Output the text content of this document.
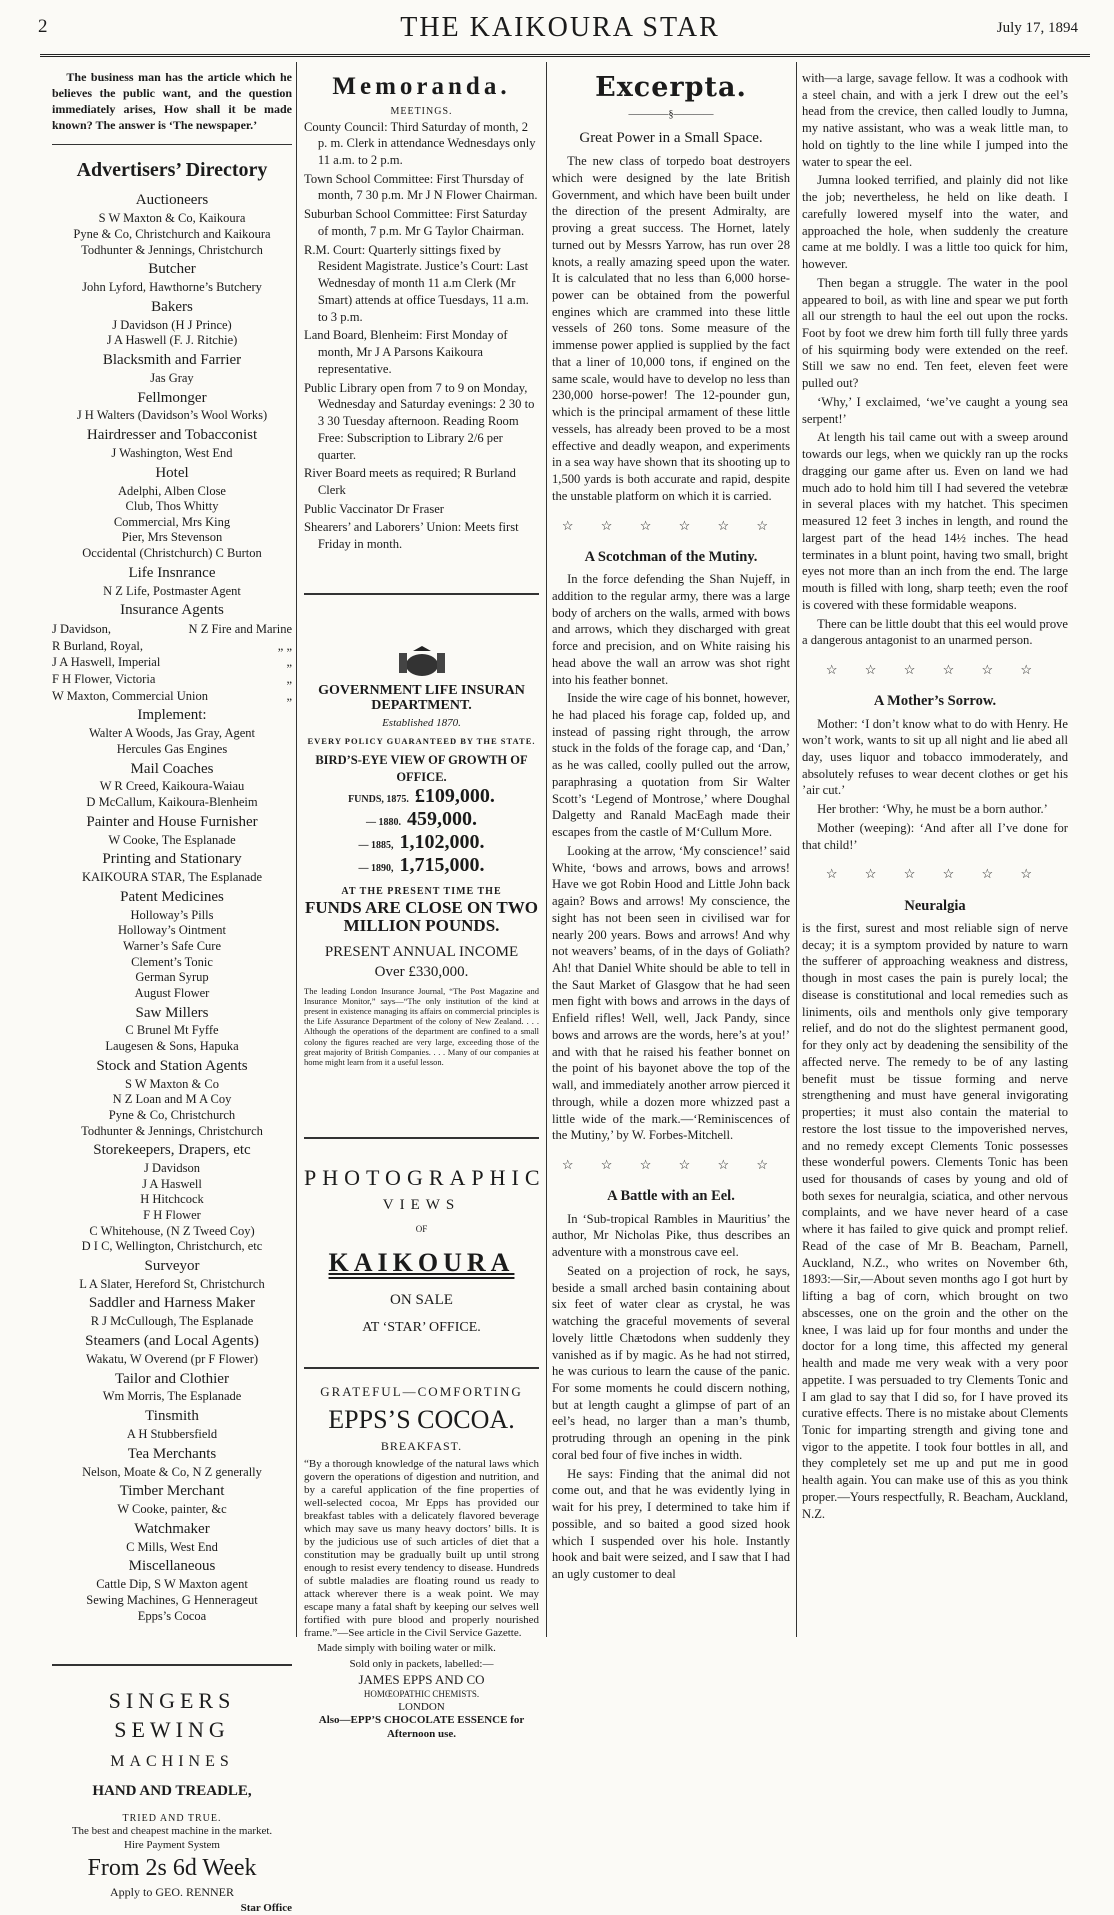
2	THE KAIKOURA STAR	July 17, 1894

The business man has the article which he believes the public want, and the question immediately arises, How shall it be made known? The answer is ‘The newspaper.’

Advertisers’ Directory
Auctioneers
S W Maxton & Co, Kaikoura
Pyne & Co, Christchurch and Kaikoura
Todhunter & Jennings, Christchurch
Butcher
John Lyford, Hawthorne’s Butchery
Bakers
J Davidson (H J Prince)
J A Haswell (F. J. Ritchie)
Blacksmith and Farrier
Jas Gray
Fellmonger
J H Walters (Davidson’s Wool Works)
Hairdresser and Tobacconist
J Washington, West End
Hotel
Adelphi, Alben Close
Club, Thos Whitty
Commercial, Mrs King
Pier, Mrs Stevenson
Occidental (Christchurch) C Burton
Life Insnrance
N Z Life, Postmaster Agent
Insurance Agents
J Davidson,	N Z Fire and Marine
R Burland, Royal,	„ „
J A Haswell, Imperial	„
F H Flower, Victoria	„
W Maxton, Commercial Union	„
Implement:
Walter A Woods, Jas Gray, Agent
Hercules Gas Engines
Mail Coaches
W R Creed, Kaikoura-Waiau
D McCallum, Kaikoura-Blenheim
Painter and House Furnisher
W Cooke, The Esplanade
Printing and Stationary
KAIKOURA STAR, The Esplanade
Patent Medicines
Holloway’s Pills
Holloway’s Ointment
Warner’s Safe Cure
Clement’s Tonic
German Syrup
August Flower
Saw Millers
C Brunel Mt Fyffe
Laugesen & Sons, Hapuka
Stock and Station Agents
S W Maxton & Co
N Z Loan and M A Coy
Pyne & Co, Christchurch
Todhunter & Jennings, Christchurch
Storekeepers, Drapers, etc
J Davidson
J A Haswell
H Hitchcock
F H Flower
C Whitehouse, (N Z Tweed Coy)
D I C, Wellington, Christchurch, etc
Surveyor
L A Slater, Hereford St, Christchurch
Saddler and Harness Maker
R J McCullough, The Esplanade
Steamers (and Local Agents)
Wakatu, W Overend (pr F Flower)
Tailor and Clothier
Wm Morris, The Esplanade
Tinsmith
A H Stubbersfield
Tea Merchants
Nelson, Moate & Co, N Z generally
Timber Merchant
W Cooke, painter, &c
Watchmaker
C Mills, West End
Miscellaneous
Cattle Dip, S W Maxton agent
Sewing Machines, G Hennerageut
Epps’s Cocoa
SINGERS SEWING
MACHINES
HAND AND TREADLE,
TRIED AND TRUE.
The best and cheapest machine in the market.
Hire Payment System
From 2s 6d Week
Apply to GEO. RENNER
Star Office
Memoranda.
MEETINGS.

County Council: Third Saturday of month, 2 p. m. Clerk in attendance Wednesdays only 11 a.m. to 2 p.m.

Town School Committee: First Thursday of month, 7 30 p.m. Mr J N Flower Chairman.

Suburban School Committee: First Saturday of month, 7 p.m. Mr G Taylor Chairman.

R.M. Court: Quarterly sittings fixed by Resident Magistrate. Justice’s Court: Last Wednesday of month 11 a.m Clerk (Mr Smart) attends at office Tuesdays, 11 a.m. to 3 p.m.

Land Board, Blenheim: First Monday of month, Mr J A Parsons Kaikoura representative.

Public Library open from 7 to 9 on Monday, Wednesday and Saturday evenings: 2 30 to 3 30 Tuesday afternoon. Reading Room Free: Subscription to Library 2/6 per quarter.

River Board meets as required; R Burland Clerk

Public Vaccinator Dr Fraser

Shearers’ and Laborers’ Union: Meets first Friday in month.

GOVERNMENT LIFE INSURAN
DEPARTMENT.
Established 1870.
EVERY POLICY GUARANTEED BY THE STATE.
BIRD’S-EYE VIEW OF GROWTH OF OFFICE.
FUNDS, 1875. £109,000.
— 1880. 459,000.
— 1885, 1,102,000.
— 1890, 1,715,000.
AT THE PRESENT TIME THE
FUNDS ARE CLOSE ON TWO MILLION POUNDS.
PRESENT ANNUAL INCOME
Over £330,000.

The leading London Insurance Journal, “The Post Magazine and Insurance Monitor,” says—“The only institution of the kind at present in existence managing its affairs on commercial principles is the Life Assurance Department of the colony of New Zealand. . . . Although the operations of the department are confined to a small colony the figures reached are very large, exceeding those of the great majority of British Companies. . . . Many of our companies at home might learn from it a useful lesson.

PHOTOGRAPHIC
VIEWS
OF
KAIKOURA
ON SALE
AT ‘STAR’ OFFICE.
GRATEFUL—COMFORTING
EPPS’S COCOA.
BREAKFAST.

“By a thorough knowledge of the natural laws which govern the operations of digestion and nutrition, and by a careful application of the fine properties of well-selected cocoa, Mr Epps has provided our breakfast tables with a delicately flavored beverage which may save us many heavy doctors’ bills. It is by the judicious use of such articles of diet that a constitution may be gradually built up until strong enough to resist every tendency to disease. Hundreds of subtle maladies are floating round us ready to attack wherever there is a weak point. We may escape many a fatal shaft by keeping our selves well fortified with pure blood and properly nourished frame.”—See article in the Civil Service Gazette.

Made simply with boiling water or milk.

Sold only in packets, labelled:—
JAMES EPPS AND CO
HOMŒOPATHIC CHEMISTS.
LONDON
Also—EPP’S CHOCOLATE ESSENCE for Afternoon use.
Excerpta.
————§————
Great Power in a Small Space.

The new class of torpedo boat destroyers which were designed by the late British Government, and which have been built under the direction of the present Admiralty, are proving a great success. The Hornet, lately turned out by Messrs Yarrow, has run over 28 knots, a really amazing speed upon the water. It is calculated that no less than 6,000 horse-power can be obtained from the powerful engines which are crammed into these little vessels of 260 tons. Some measure of the immense power applied is supplied by the fact that a liner of 10,000 tons, if engined on the same scale, would have to develop no less than 230,000 horse-power! The 12-pounder gun, which is the principal armament of these little vessels, has already been proved to be a most effective and deadly weapon, and experiments in a sea way have shown that its shooting up to 1,500 yards is both accurate and rapid, despite the unstable platform on which it is carried.

☆ ☆ ☆ ☆ ☆ ☆
A Scotchman of the Mutiny.

In the force defending the Shan Nujeff, in addition to the regular army, there was a large body of archers on the walls, armed with bows and arrows, which they discharged with great force and precision, and on White raising his head above the wall an arrow was shot right into his feather bonnet.

Inside the wire cage of his bonnet, however, he had placed his forage cap, folded up, and instead of passing right through, the arrow stuck in the folds of the forage cap, and ‘Dan,’ as he was called, coolly pulled out the arrow, paraphrasing a quotation from Sir Walter Scott’s ‘Legend of Montrose,’ where Doughal Dalgetty and Ranald MacEagh made their escapes from the castle of M‘Cullum More.

Looking at the arrow, ‘My conscience!’ said White, ‘bows and arrows, bows and arrows! Have we got Robin Hood and Little John back again? Bows and arrows! My conscience, the sight has not been seen in civilised war for nearly 200 years. Bows and arrows! And why not weavers’ beams, of in the days of Goliath? Ah! that Daniel White should be able to tell in the Saut Market of Glasgow that he had seen men fight with bows and arrows in the days of Enfield rifles! Well, well, Jack Pandy, since bows and arrows are the words, here’s at you!’ and with that he raised his feather bonnet on the point of his bayonet above the top of the wall, and immediately another arrow pierced it through, while a dozen more whizzed past a little wide of the mark.—‘Reminiscences of the Mutiny,’ by W. Forbes-Mitchell.

☆ ☆ ☆ ☆ ☆ ☆
A Battle with an Eel.

In ‘Sub-tropical Rambles in Mauritius’ the author, Mr Nicholas Pike, thus describes an adventure with a monstrous cave eel.

Seated on a projection of rock, he says, beside a small arched basin containing about six feet of water clear as crystal, he was watching the graceful movements of several lovely little Chætodons when suddenly they vanished as if by magic. As he had not stirred, he was curious to learn the cause of the panic. For some moments he could discern nothing, but at length caught a glimpse of part of an eel’s head, no larger than a man’s thumb, protruding through an opening in the pink coral bed four of five inches in width.

He says: Finding that the animal did not come out, and that he was evidently lying in wait for his prey, I determined to take him if possible, and so baited a good sized hook which I suspended over his hole. Instantly hook and bait were seized, and I saw that I had an ugly customer to deal

with—a large, savage fellow. It was a codhook with a steel chain, and with a jerk I drew out the eel’s head from the crevice, then called loudly to Jumna, my native assistant, who was a weak little man, to hold on tightly to the line while I jumped into the water to spear the eel.

Jumna looked terrified, and plainly did not like the job; nevertheless, he held on like death. I carefully lowered myself into the water, and approached the hole, when suddenly the creature came at me boldly. I was a little too quick for him, however.

Then began a struggle. The water in the pool appeared to boil, as with line and spear we put forth all our strength to haul the eel out upon the rocks. Foot by foot we drew him forth till fully three yards of his squirming body were extended on the reef. Still we saw no end. Ten feet, eleven feet were pulled out?

‘Why,’ I exclaimed, ‘we’ve caught a young sea serpent!’

At length his tail came out with a sweep around towards our legs, when we quickly ran up the rocks dragging our game after us. Even on land we had much ado to hold him till I had severed the vetebræ in several places with my hatchet. This specimen measured 12 feet 3 inches in length, and round the largest part of the head 14½ inches. The head terminates in a blunt point, having two small, bright eyes not more than an inch from the end. The large mouth is filled with long, sharp teeth; even the roof is covered with these formidable weapons.

There can be little doubt that this eel would prove a dangerous antagonist to an unarmed person.

☆ ☆ ☆ ☆ ☆ ☆
A Mother’s Sorrow.

Mother: ‘I don’t know what to do with Henry. He won’t work, wants to sit up all night and lie abed all day, uses liquor and tobacco immoderately, and absolutely refuses to wear decent clothes or get his ’air cut.’

Her brother: ‘Why, he must be a born author.’

Mother (weeping): ‘And after all I’ve done for that child!’

☆ ☆ ☆ ☆ ☆ ☆
Neuralgia

is the first, surest and most reliable sign of nerve decay; it is a symptom provided by nature to warn the sufferer of approaching weakness and distress, though in most cases the pain is purely local; the disease is constitutional and local remedies such as liniments, oils and menthols only give temporary relief, and do not do the slightest permanent good, for they only act by deadening the sensibility of the affected nerve. The remedy to be of any lasting benefit must be tissue forming and nerve strengthening and must have general invigorating properties; it must also contain the material to restore the lost tissue to the impoverished nerves, and no remedy except Clements Tonic possesses these wonderful powers. Clements Tonic has been used for thousands of cases by young and old of both sexes for neuralgia, sciatica, and other nervous complaints, and we have never heard of a case where it has failed to give quick and prompt relief. Read of the case of Mr B. Beacham, Parnell, Auckland, N.Z., who writes on November 6th, 1893:—Sir,—About seven months ago I got hurt by lifting a bag of corn, which brought on two abscesses, one on the groin and the other on the knee, I was laid up for four months and under the doctor for a long time, this affected my general health and made me very weak with a very poor appetite. I was persuaded to try Clements Tonic and I am glad to say that I did so, for I have proved its curative effects. There is no mistake about Clements Tonic for imparting strength and giving tone and vigor to the appetite. I took four bottles in all, and they completely set me up and put me in good health again. You can make use of this as you think proper.—Yours respectfully, R. Beacham, Auckland, N.Z.
